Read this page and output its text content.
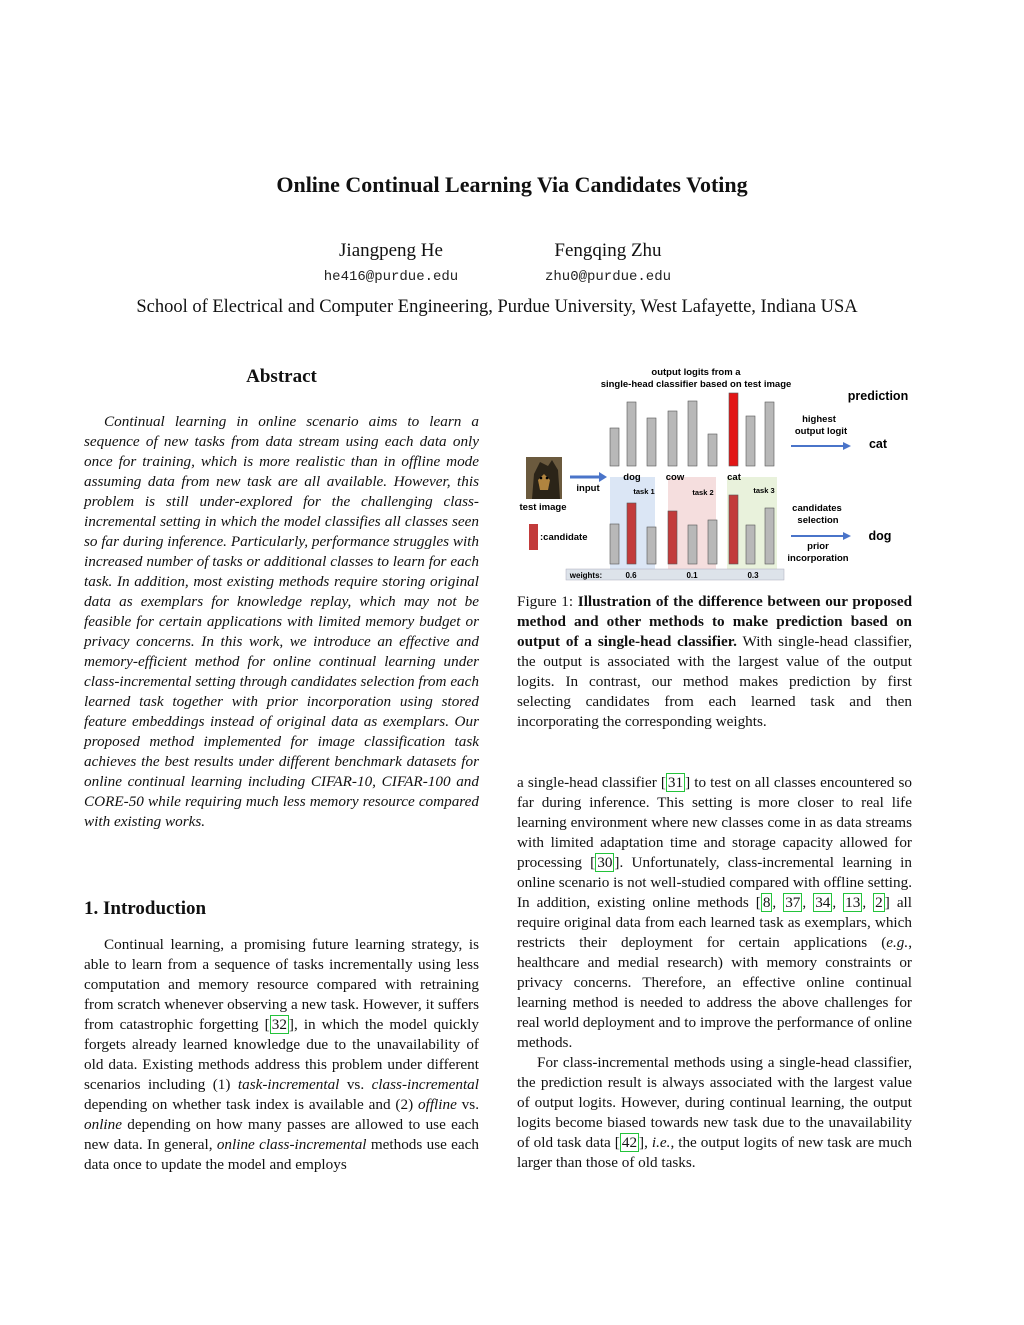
Online Continual Learning Via Candidates Voting
Jiangpeng He
he416@purdue.edu
Fengqing Zhu
zhu0@purdue.edu
School of Electrical and Computer Engineering, Purdue University, West Lafayette, Indiana USA
Abstract

Continual learning in online scenario aims to learn a sequence of new tasks from data stream using each data only once for training, which is more realistic than in offline mode assuming data from new task are all available. However, this problem is still under-explored for the challenging class-incremental setting in which the model classifies all classes seen so far during inference. Particularly, performance struggles with increased number of tasks or additional classes to learn for each task. In addition, most existing methods require storing original data as exemplars for knowledge replay, which may not be feasible for certain applications with limited memory budget or privacy concerns. In this work, we introduce an effective and memory-efficient method for online continual learning under class-incremental setting through candidates selection from each learned task together with prior incorporation using stored feature embeddings instead of original data as exemplars. Our proposed method implemented for image classification task achieves the best results under different benchmark datasets for online continual learning including CIFAR-10, CIFAR-100 and CORE-50 while requiring much less memory resource compared with existing works.

1. Introduction

Continual learning, a promising future learning strategy, is able to learn from a sequence of tasks incrementally using less computation and memory resource compared with retraining from scratch whenever observing a new task. However, it suffers from catastrophic forgetting [ 32 ], in which the model quickly forgets already learned knowledge due to the unavailability of old data. Existing methods address this problem under different scenarios including (1) task-incremental vs. class-incremental depending on whether task index is available and (2) offline vs. online depending on how many passes are allowed to use each new data. In general, online class-incremental methods use each data once to update the model and employs

output logits from a
single-head classifier based on test image
prediction
test image
input
:candidate
dog	cow	cat
task 1	task 2	task 3
weights:	0.6	0.1	0.3
highest
output logit
cat
candidates
selection
prior
incorporation
dog
Figure 1: Illustration of the difference between our proposed method and other methods to make prediction based on output of a single-head classifier. With single-head classifier, the output is associated with the largest value of the output logits. In contrast, our method makes prediction by first selecting candidates from each learned task and then incorporating the corresponding weights.

a single-head classifier [ 31 ] to test on all classes encountered so far during inference. This setting is more closer to real life learning environment where new classes come in as data streams with limited adaptation time and storage capacity allowed for processing [ 30 ]. Unfortunately, class-incremental learning in online scenario is not well-studied compared with offline setting. In addition, existing online methods [ 8 , 37 , 34 , 13 , 2 ] all require original data from each learned task as exemplars, which restricts their deployment for certain applications (e.g., healthcare and medial research) with memory constraints or privacy concerns. Therefore, an effective online continual learning method is needed to address the above challenges for real world deployment and to improve the performance of online methods.

For class-incremental methods using a single-head classifier, the prediction result is always associated with the largest value of output logits. However, during continual learning, the output logits become biased towards new task due to the unavailability of old task data [ 42 ], i.e., the output logits of new task are much larger than those of old tasks.
